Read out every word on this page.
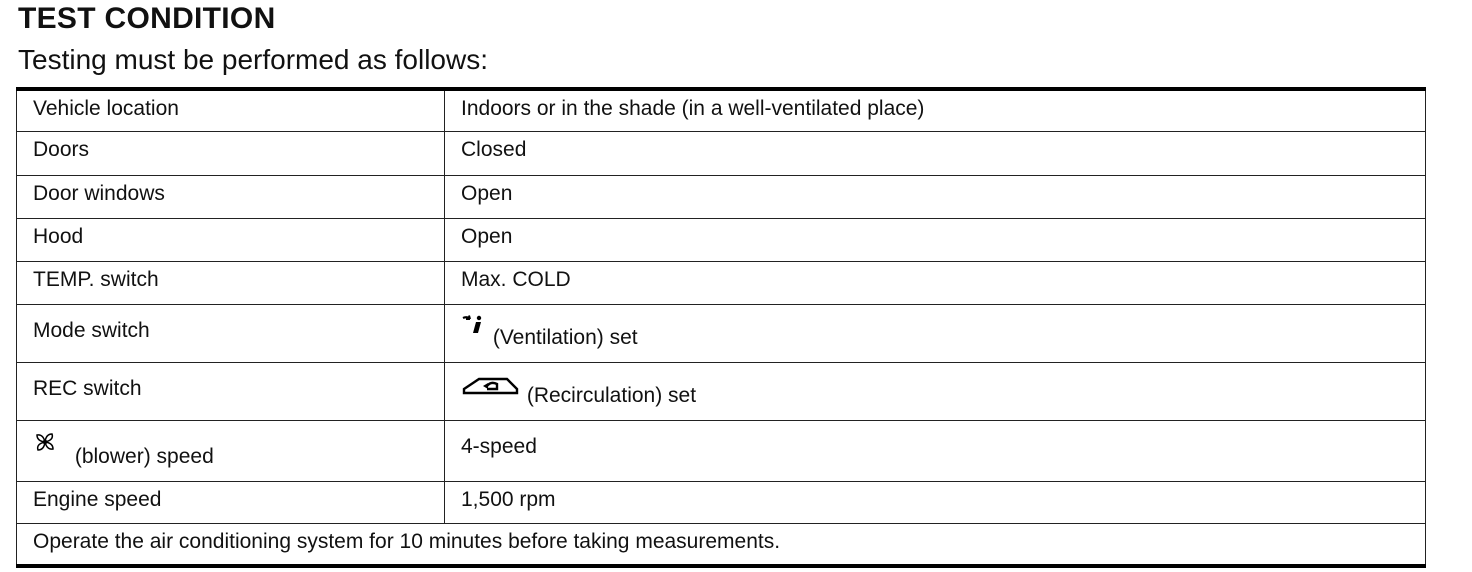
TEST CONDITION
Testing must be performed as follows:
Vehicle location	Indoors or in the shade (in a well-ventilated place)
Doors	Closed
Door windows	Open
Hood	Open
TEMP. switch	Max. COLD
Mode switch	(Ventilation) set
REC switch	(Recirculation) set

(blower) speed	4-speed
Engine speed	1,500 rpm
Operate the air conditioning system for 10 minutes before taking measurements.	
